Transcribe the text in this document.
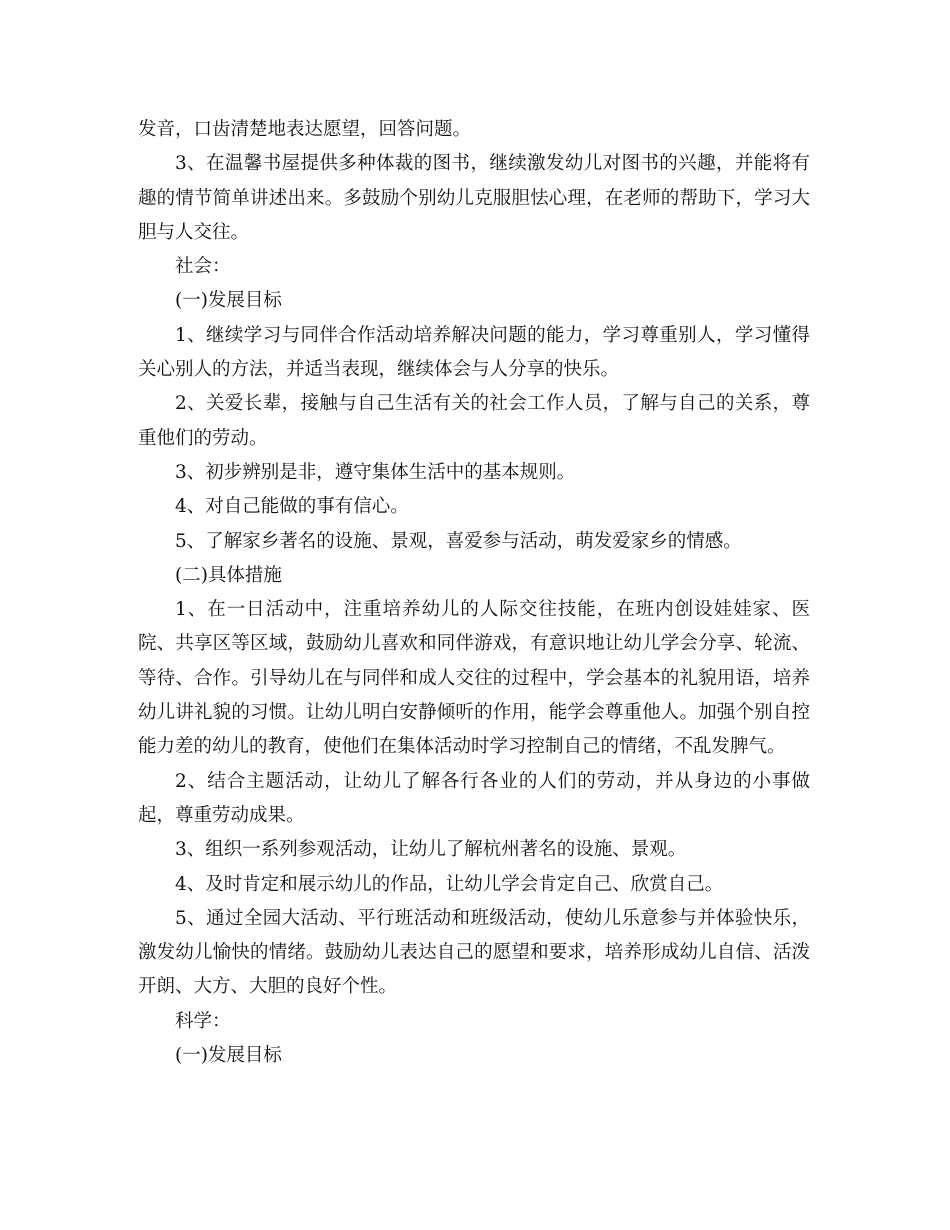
发音，口齿清楚地表达愿望，回答问题。

3、在温馨书屋提供多种体裁的图书，继续激发幼儿对图书的兴趣，并能将有趣的情节简单讲述出来。多鼓励个别幼儿克服胆怯心理，在老师的帮助下，学习大胆与人交往。

社会：

(一)发展目标

1、继续学习与同伴合作活动培养解决问题的能力，学习尊重别人，学习懂得关心别人的方法，并适当表现，继续体会与人分享的快乐。

2、关爱长辈，接触与自己生活有关的社会工作人员，了解与自己的关系，尊重他们的劳动。

3、初步辨别是非，遵守集体生活中的基本规则。

4、对自己能做的事有信心。

5、了解家乡著名的设施、景观，喜爱参与活动，萌发爱家乡的情感。

(二)具体措施

1、在一日活动中，注重培养幼儿的人际交往技能，在班内创设娃娃家、医院、共享区等区域，鼓励幼儿喜欢和同伴游戏，有意识地让幼儿学会分享、轮流、等待、合作。引导幼儿在与同伴和成人交往的过程中，学会基本的礼貌用语，培养幼儿讲礼貌的习惯。让幼儿明白安静倾听的作用，能学会尊重他人。加强个别自控能力差的幼儿的教育，使他们在集体活动时学习控制自己的情绪，不乱发脾气。

2、结合主题活动，让幼儿了解各行各业的人们的劳动，并从身边的小事做起，尊重劳动成果。

3、组织一系列参观活动，让幼儿了解杭州著名的设施、景观。

4、及时肯定和展示幼儿的作品，让幼儿学会肯定自己、欣赏自己。

5、通过全园大活动、平行班活动和班级活动，使幼儿乐意参与并体验快乐，激发幼儿愉快的情绪。鼓励幼儿表达自己的愿望和要求，培养形成幼儿自信、活泼开朗、大方、大胆的良好个性。

科学：

(一)发展目标
